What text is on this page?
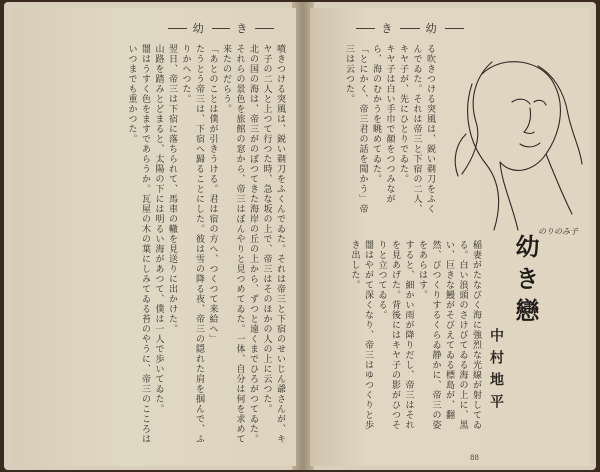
幼	き
噴きつける突風は、鋭い剃刀をふくんでゐた。それは帝三と下宿のせいじん爺さんが、キヤ子の二人と上つて行つた時、急な坂の上で、帝三はそのほかの人の上に云つた。
北の国の海は、帝三がのぼつてきた海岸の丘の上から、ずつと遠くまでひろがつてゐた。
それらの景色を旅館の窓から、帝三はぼんやりと見つめてゐた。一体、自分は何を求めて来たのだらう。
「あとのことは僕が引きうける。君は宿の方へ、つくつて来給へ」
たうとう帝三は、下宿へ歸ることにした。彼は雪の降る夜、帝三の隠れた肩を掴んで、ふりかへつた。
翌日、帝三は下宿に落ちられて、馬車の轍を見送りに出かけた。
山路を踏みとどまると、太陽の下には明るい海があつて、僕は一人で歩いてゐた。
闇はうすく色をますであらうか。瓦屋の木の葉にしみてゐる苔のやうに、帝三のこころはいつまでも重かつた。
き	幼
る吹きつける突風は、鋭い剃刀をふくんでゐた。それは帝三と下宿の二人、キヤ子が、先にひとりでゐた。
キヤ子は白い手巾で顔をつつみながら、海のむかうを眺めてゐた。
「とにかく、帝三君の話を聞かう」帝三は云つた。
のりのみ子
幼き戀
中村地平
稲妻がたなびく海に強烈な光線が射してゐる。白い浪頭のさけびてゐる海の上に、黒い、巨きな鰻がそびえてゐる標島が、翻然、ぴつくりするくらゐ静かに、帝三の姿をあらはす。
すると、細かい雨が降りだし、帝三はそれを見あげた。背後にはキヤ子の影がひつそりと立つてゐる。
闇はやがて深くなり、帝三はゆつくりと歩き出した。
88
